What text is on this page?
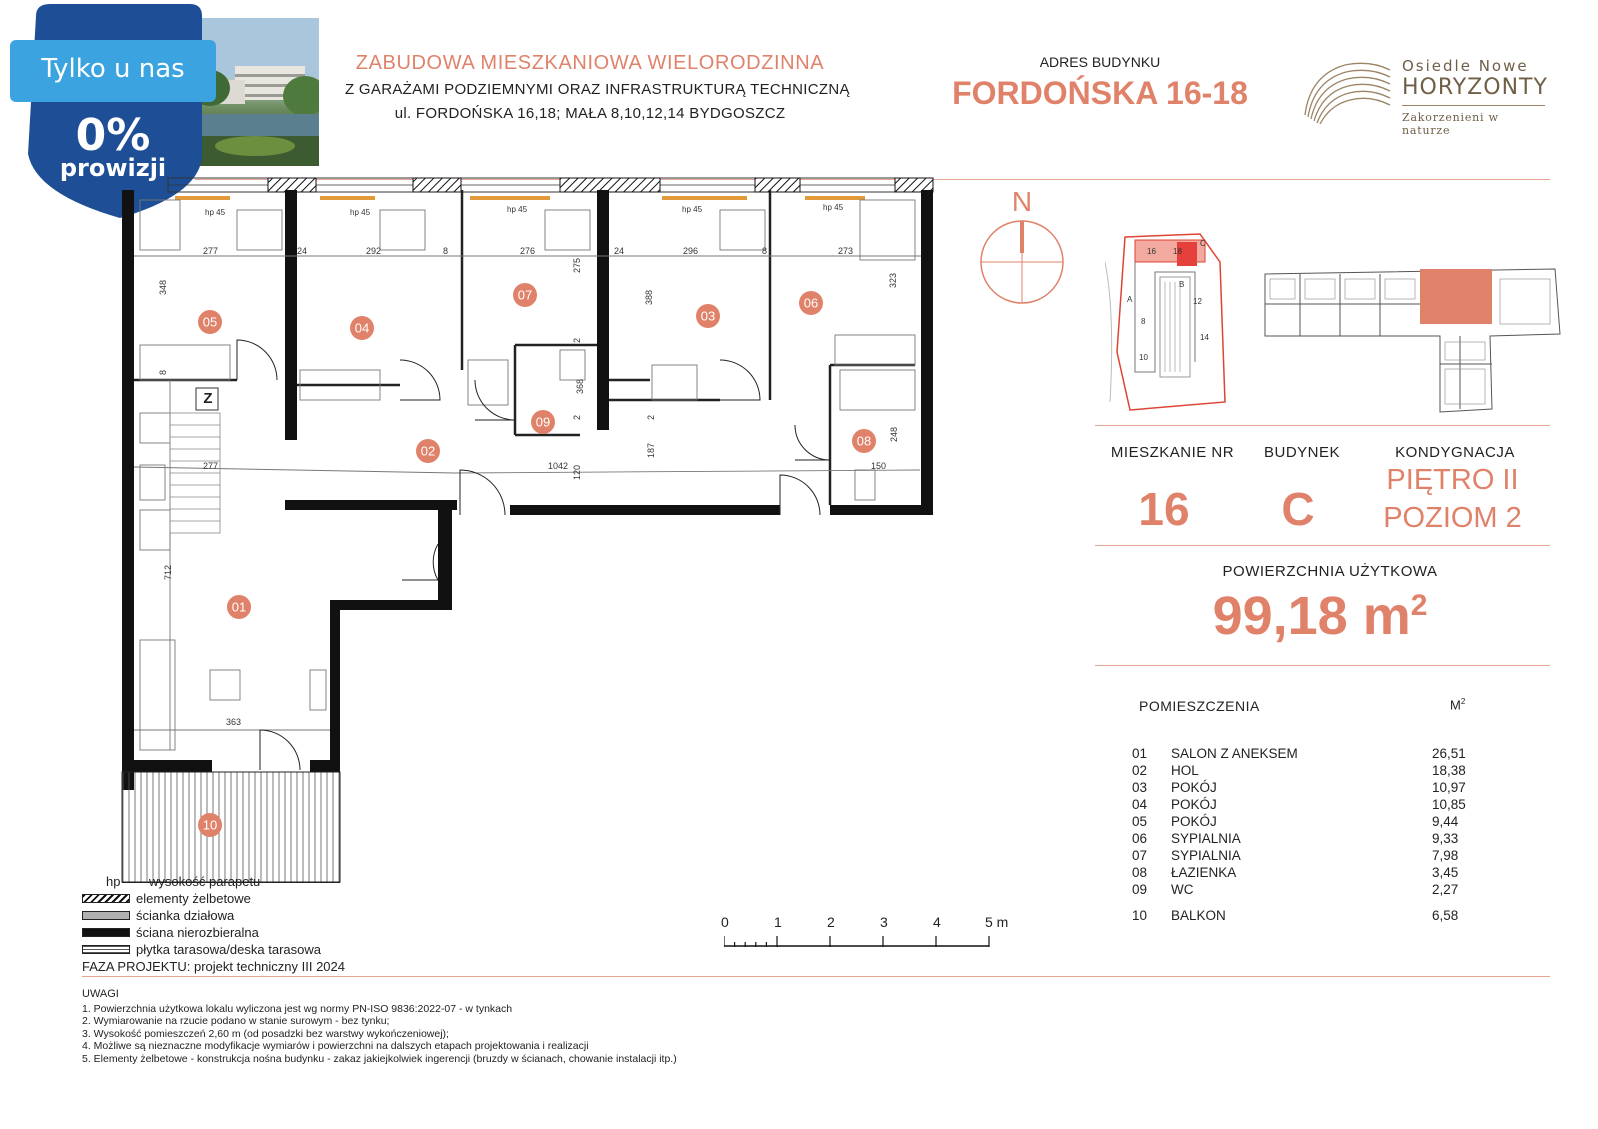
Tylko u nas
0%
prowizji
ZABUDOWA MIESZKANIOWA WIELORODZINNA
Z GARAŻAMI PODZIEMNYMI ORAZ INFRASTRUKTURĄ TECHNICZNĄ
ul. FORDOŃSKA 16,18; MAŁA 8,10,12,14 BYDGOSZCZ
ADRES BUDYNKU
FORDOŃSKA 16-18
Osiedle Nowe
HORYZONTY
Zakorzenieni w naturze
hp 45	hp 45	hp 45	hp 45	hp 45
277	292	276	296	273
348
388
323
275
368
187
120
248
150
1042
277
712
363
24	24
8	8
8
2
2	2
01
02
03
04
05
06
07
08
09
10
Z
N
16 18
C
A
B
8
10
12
14
MIESZKANIE NR	BUDYNEK	KONDYGNACJA
16	C
PIĘTRO II
POZIOM 2
POWIERZCHNIA UŻYTKOWA
99,18 $m^2$
POMIESZCZENIA	$M^2$
01 SALON Z ANEKSEM	26,51
02 HOL	18,38
03 POKÓJ	10,97
04 POKÓJ	10,85
05 POKÓJ	9,44
06 SYPIALNIA	9,33
07 SYPIALNIA	7,98
08 ŁAZIENKA	3,45
09 WC	2,27
10 BALKON	6,58
hp wysokość parapetu
elementy żelbetowe
ścianka działowa
ściana nierozbieralna
płytka tarasowa/deska tarasowa
FAZA PROJEKTU: projekt techniczny III 2024
0	1	2	3	4	5 m
UWAGI
1. Powierzchnia użytkowa lokalu wyliczona jest wg normy PN-ISO 9836:2022-07 - w tynkach
2. Wymiarowanie na rzucie podano w stanie surowym - bez tynku;
3. Wysokość pomieszczeń 2,60 m (od posadzki bez warstwy wykończeniowej);
4. Możliwe są nieznaczne modyfikacje wymiarów i powierzchni na dalszych etapach projektowania i realizacji
5. Elementy żelbetowe - konstrukcja nośna budynku - zakaz jakiejkolwiek ingerencji (bruzdy w ścianach, chowanie instalacji itp.)
